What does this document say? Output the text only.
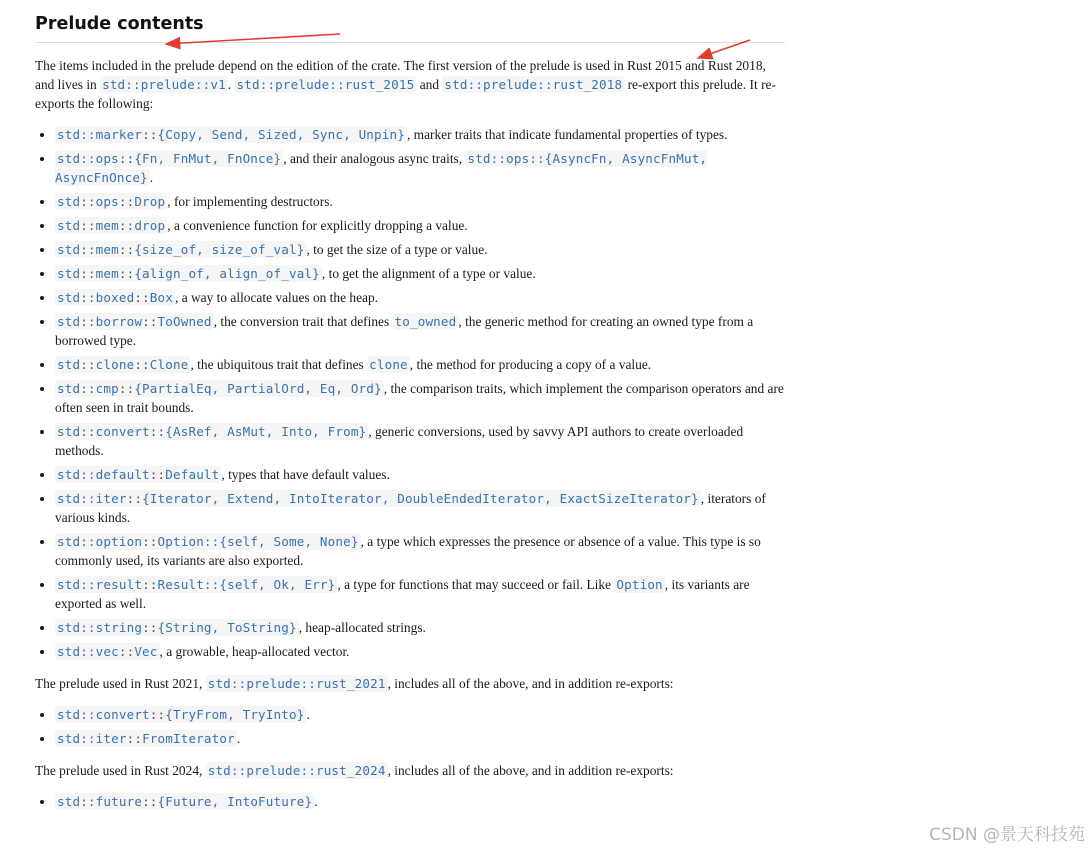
Prelude contents

The items included in the prelude depend on the edition of the crate. The first version of the prelude is used in Rust 2015 and Rust 2018, and lives in std::prelude::v1 . std::prelude::rust_2015 and std::prelude::rust_2018 re-export this prelude. It re-exports the following:

• std::marker::{Copy, Send, Sized, Sync, Unpin} , marker traits that indicate fundamental properties of types.
• std::ops::{Fn, FnMut, FnOnce} , and their analogous async traits, std::ops::{AsyncFn, AsyncFnMut, AsyncFnOnce} .
• std::ops::Drop , for implementing destructors.
• std::mem::drop , a convenience function for explicitly dropping a value.
• std::mem::{size_of, size_of_val} , to get the size of a type or value.
• std::mem::{align_of, align_of_val} , to get the alignment of a type or value.
• std::boxed::Box , a way to allocate values on the heap.
• std::borrow::ToOwned , the conversion trait that defines to_owned , the generic method for creating an owned type from a borrowed type.
• std::clone::Clone , the ubiquitous trait that defines clone , the method for producing a copy of a value.
• std::cmp::{PartialEq, PartialOrd, Eq, Ord} , the comparison traits, which implement the comparison operators and are often seen in trait bounds.
• std::convert::{AsRef, AsMut, Into, From} , generic conversions, used by savvy API authors to create overloaded methods.
• std::default::Default , types that have default values.
• std::iter::{Iterator, Extend, IntoIterator, DoubleEndedIterator, ExactSizeIterator} , iterators of various kinds.
• std::option::Option::{self, Some, None} , a type which expresses the presence or absence of a value. This type is so commonly used, its variants are also exported.
• std::result::Result::{self, Ok, Err} , a type for functions that may succeed or fail. Like Option , its variants are exported as well.
• std::string::{String, ToString} , heap-allocated strings.
• std::vec::Vec , a growable, heap-allocated vector.

The prelude used in Rust 2021, std::prelude::rust_2021 , includes all of the above, and in addition re-exports:

• std::convert::{TryFrom, TryInto} .
• std::iter::FromIterator .

The prelude used in Rust 2024, std::prelude::rust_2024 , includes all of the above, and in addition re-exports:

• std::future::{Future, IntoFuture} .
CSDN @景天科技苑
